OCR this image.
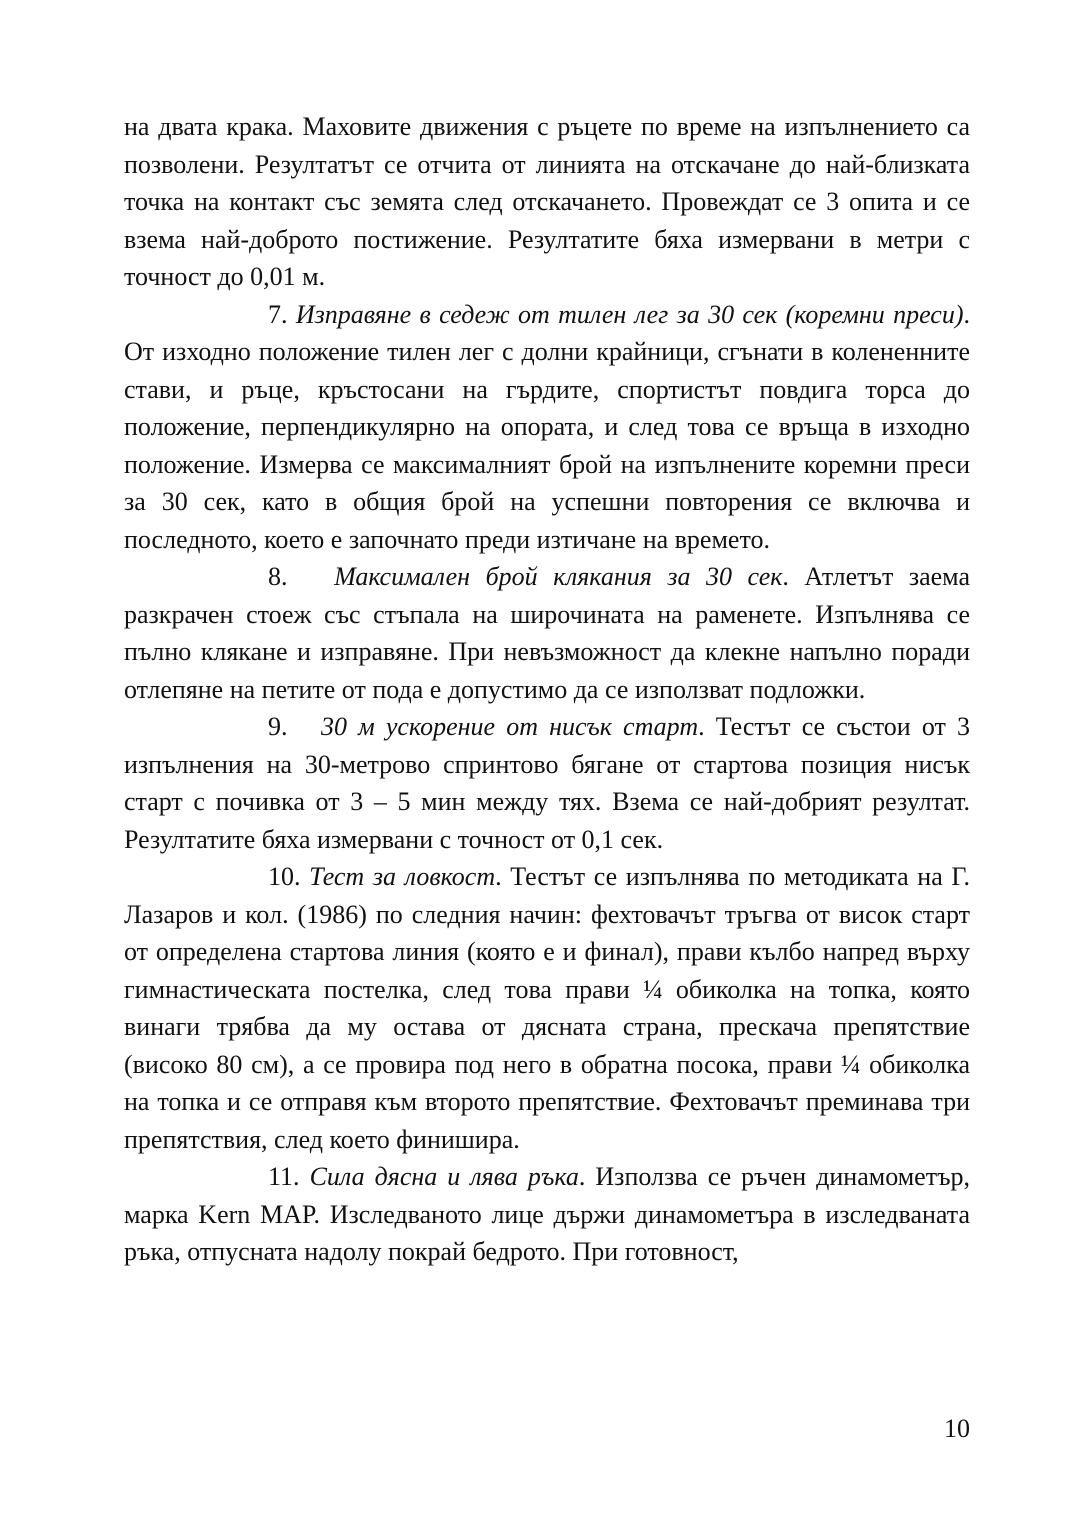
на двата крака. Маховите движения с ръцете по време на изпълнението са позволени. Резултатът се отчита от линията на отскачане до най-близката точка на контакт със земята след отскачането. Провеждат се 3 опита и се взема най-доброто постижение. Резултатите бяха измервани в метри с точност до 0,01 м.

7. Изправяне в седеж от тилен лег за 30 сек (коремни преси). От изходно положение тилен лег с долни крайници, сгънати в колененните стави, и ръце, кръстосани на гърдите, спортистът повдига торса до положение, перпендикулярно на опората, и след това се връща в изходно положение. Измерва се максималният брой на изпълнените коремни преси за 30 сек, като в общия брой на успешни повторения се включва и последното, което е започнато преди изтичане на времето.

8. Максимален брой клякания за 30 сек. Атлетът заема разкрачен стоеж със стъпала на широчината на раменете. Изпълнява се пълно клякане и изправяне. При невъзможност да клекне напълно поради отлепяне на петите от пода е допустимо да се използват подложки.

9. 30 м ускорение от нисък старт. Тестът се състои от 3 изпълнения на 30-метрово спринтово бягане от стартова позиция нисък старт с почивка от 3 – 5 мин между тях. Взема се най-добрият резултат. Резултатите бяха измервани с точност от 0,1 сек.

10. Тест за ловкост. Тестът се изпълнява по методиката на Г. Лазаров и кол. (1986) по следния начин: фехтовачът тръгва от висок старт от определена стартова линия (която е и финал), прави кълбо напред върху гимнастическата постелка, след това прави ¼ обиколка на топка, която винаги трябва да му остава от дясната страна, прескача препятствие (високо 80 см), а се провира под него в обратна посока, прави ¼ обиколка на топка и се отправя към второто препятствие. Фехтовачът преминава три препятствия, след което финишира.

11. Сила дясна и лява ръка. Използва се ръчен динамометър, марка Kern MAP. Изследваното лице държи динамометъра в изследваната ръка, отпусната надолу покрай бедрото. При готовност,

10
